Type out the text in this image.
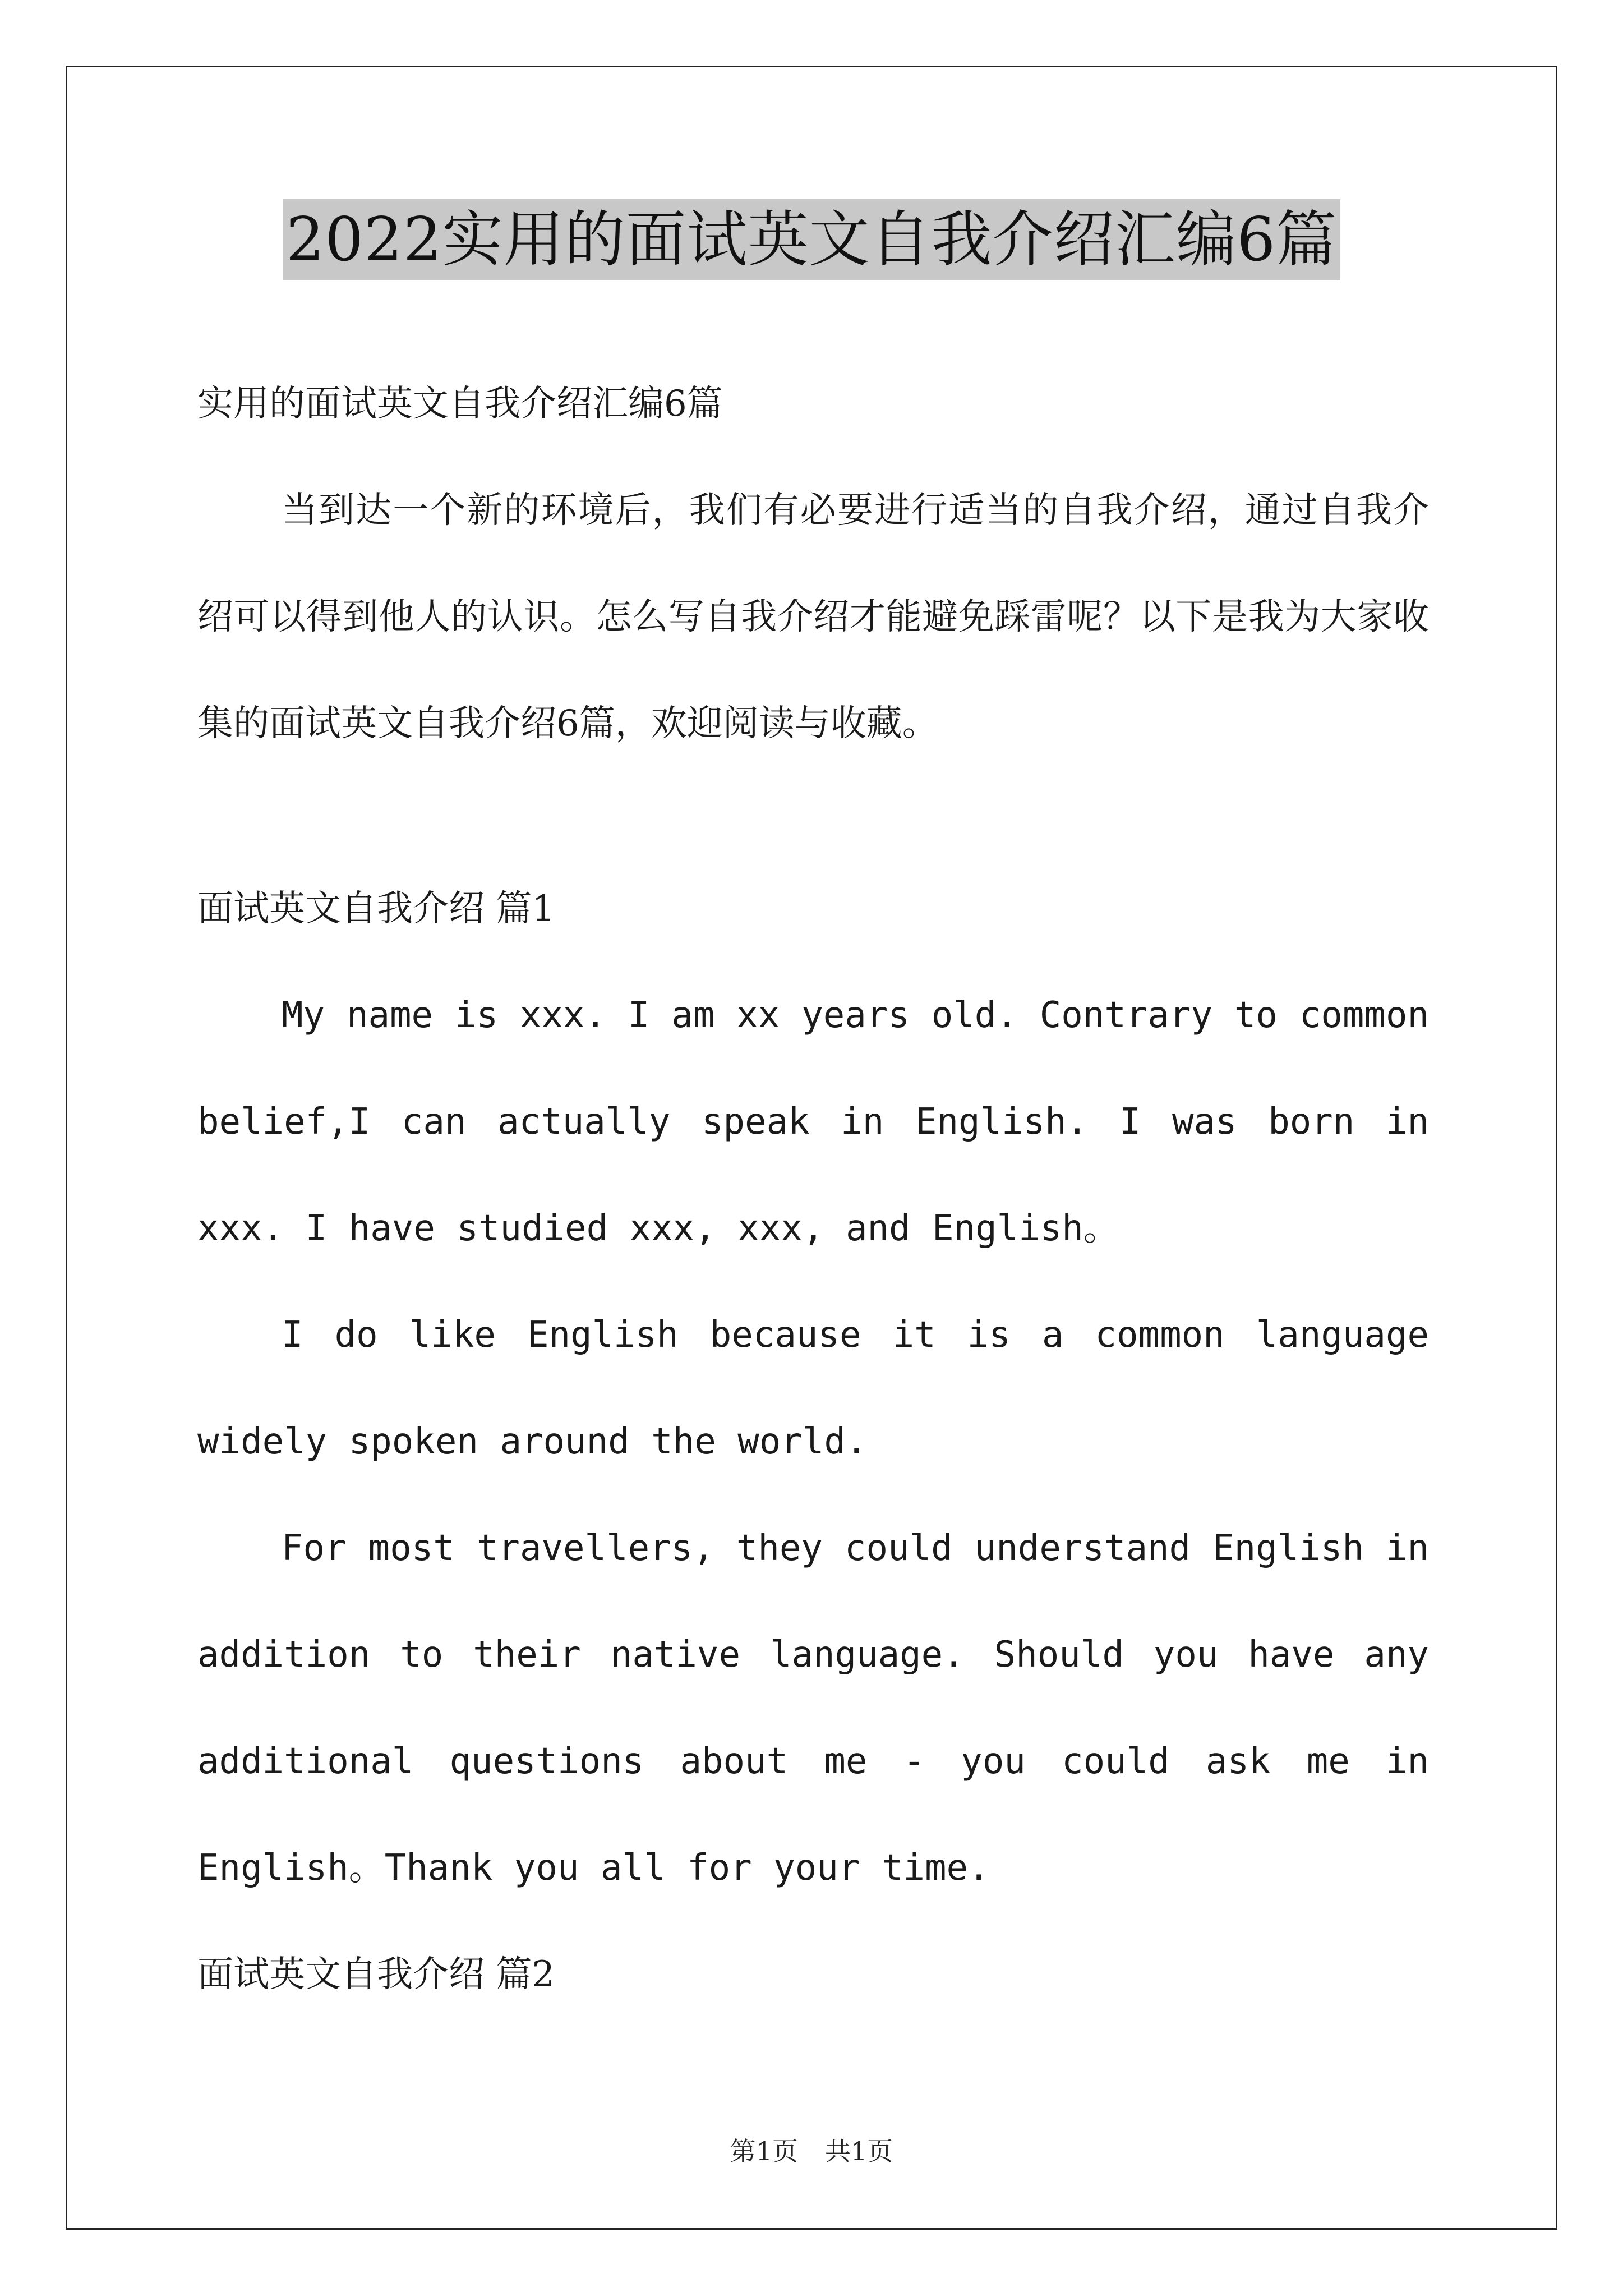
2022实用的面试英文自我介绍汇编6篇

实用的面试英文自我介绍汇编6篇

当到达一个新的环境后，我们有必要进行适当的自我介绍，通过自我介绍可以得到他人的认识。怎么写自我介绍才能避免踩雷呢？以下是我为大家收集的面试英文自我介绍6篇，欢迎阅读与收藏。

面试英文自我介绍 篇1

My name is xxx. I am xx years old. Contrary to common belief,I can actually speak in English. I was born in xxx. I have studied xxx, xxx, and English。

I do like English because it is a common language widely spoken around the world.

For most travellers, they could understand English in addition to their native language. Should you have any additional questions about me - you could ask me in English。Thank you all for your time.

面试英文自我介绍 篇2

第1页 共1页
